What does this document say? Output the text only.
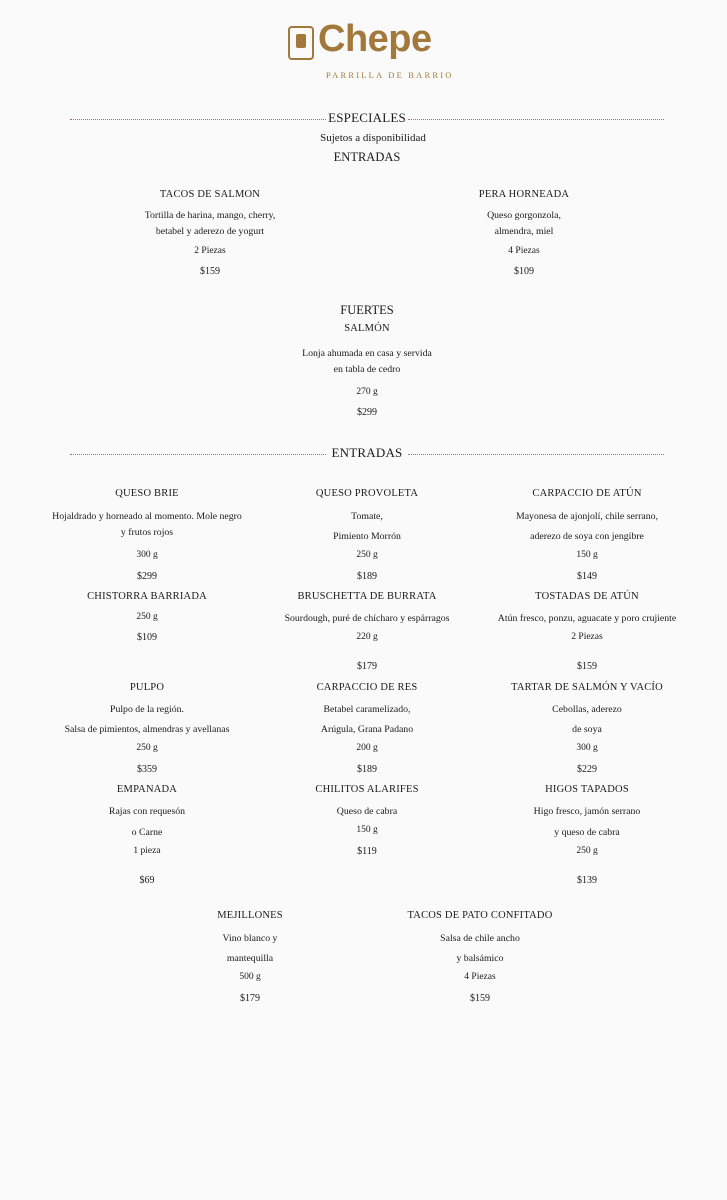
Chepe
PARRILLA DE BARRIO
ESPECIALES
Sujetos a disponibilidad
ENTRADAS
TACOS DE SALMON
Tortilla de harina, mango, cherry,
betabel y aderezo de yogurt
2 Piezas
$159
PERA HORNEADA
Queso gorgonzola,
almendra, miel
4 Piezas
$109
FUERTES
SALMÓN
Lonja ahumada en casa y servida
en tabla de cedro
270 g
$299
ENTRADAS
QUESO BRIE
Hojaldrado y horneado al momento. Mole negro
y frutos rojos
300 g
$299
QUESO PROVOLETA
Tomate,
Pimiento Morrón
250 g
$189
CARPACCIO DE ATÚN
Mayonesa de ajonjolí, chile serrano,
aderezo de soya con jengibre
150 g
$149
CHISTORRA BARRIADA
250 g
$109
BRUSCHETTA DE BURRATA
Sourdough, puré de chícharo y espárragos
220 g
$179
TOSTADAS DE ATÚN
Atún fresco, ponzu, aguacate y poro crujiente
2 Piezas
$159
PULPO
Pulpo de la región.
Salsa de pimientos, almendras y avellanas
250 g
$359
CARPACCIO DE RES
Betabel caramelizado,
Arúgula, Grana Padano
200 g
$189
TARTAR DE SALMÓN Y VACÍO
Cebollas, aderezo
de soya
300 g
$229
EMPANADA
Rajas con requesón
o Carne
1 pieza
$69
CHILITOS ALARIFES
Queso de cabra
150 g
$119
HIGOS TAPADOS
Higo fresco, jamón serrano
y queso de cabra
250 g
$139
MEJILLONES
Vino blanco y
mantequilla
500 g
$179
TACOS DE PATO CONFITADO
Salsa de chile ancho
y balsámico
4 Piezas
$159
